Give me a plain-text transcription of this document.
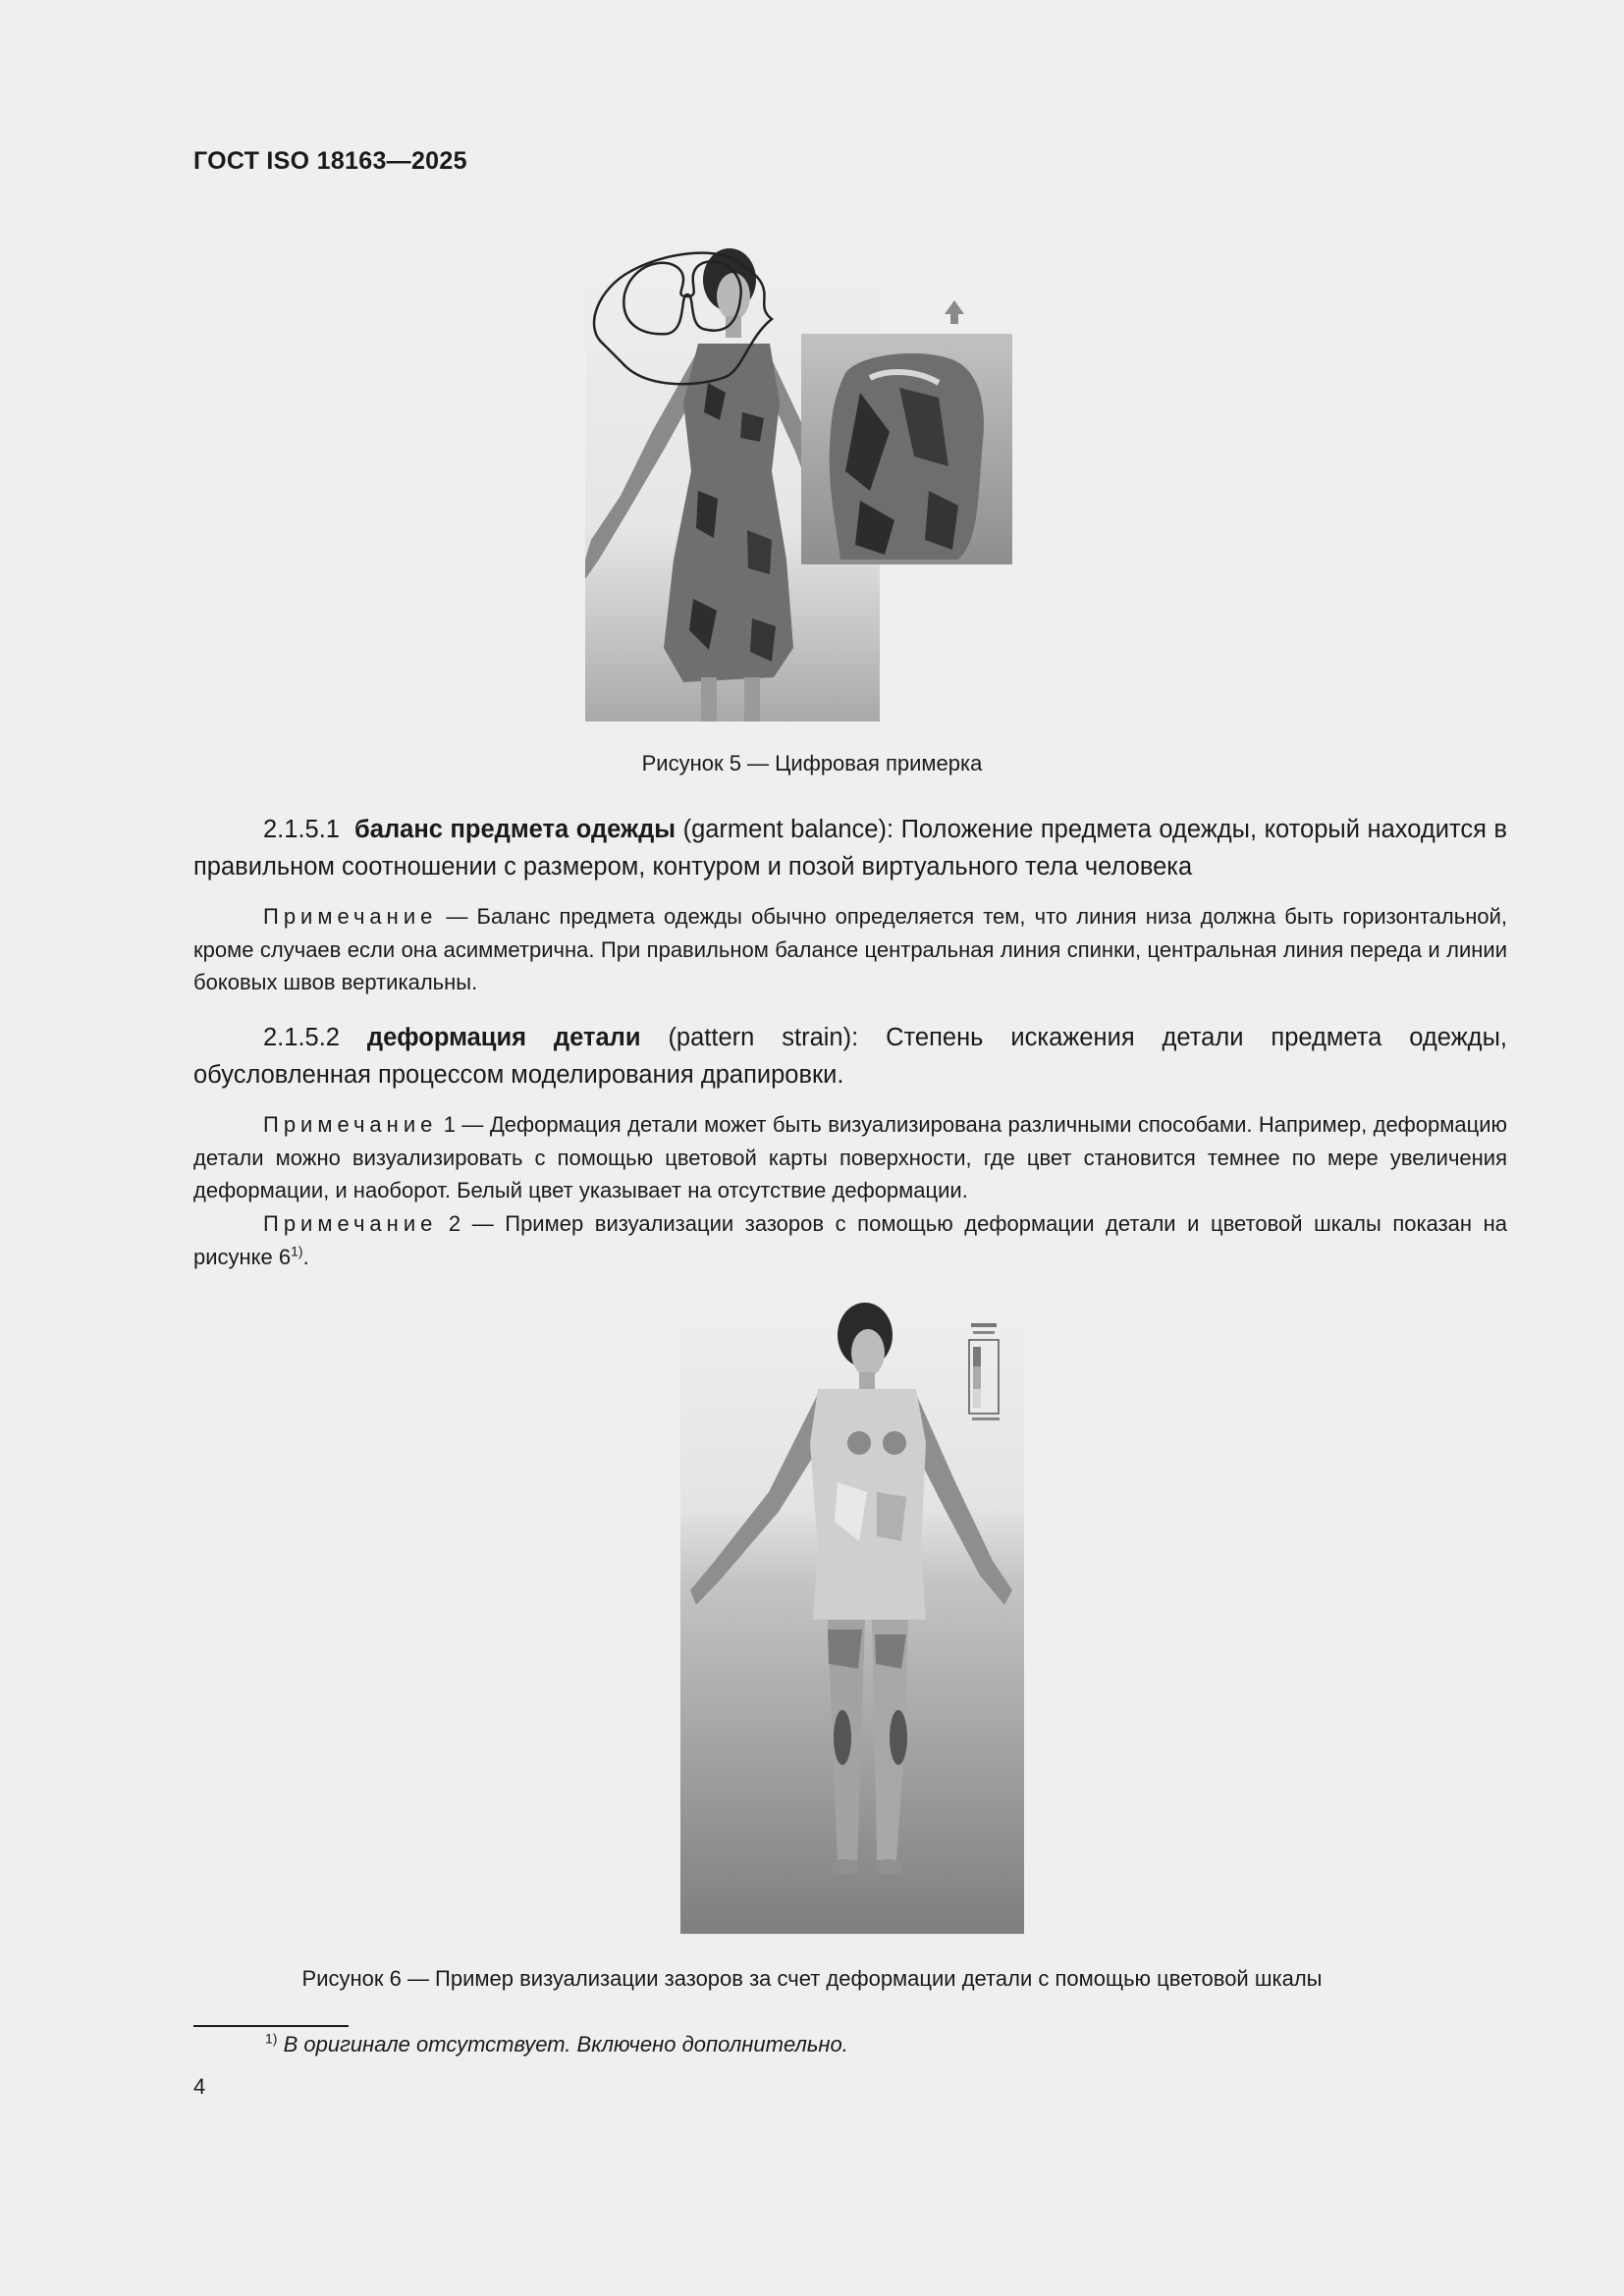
ГОСТ ISO 18163—2025
Рисунок 5 — Цифровая примерка

2.1.5.1 баланс предмета одежды (garment balance): Положение предмета одежды, который находится в правильном соотношении с размером, контуром и позой виртуального тела человека

Примечание — Баланс предмета одежды обычно определяется тем, что линия низа должна быть горизонтальной, кроме случаев если она асимметрична. При правильном балансе центральная линия спинки, центральная линия переда и линии боковых швов вертикальны.

2.1.5.2 деформация детали (pattern strain): Степень искажения детали предмета одежды, обусловленная процессом моделирования драпировки.

Примечание 1 — Деформация детали может быть визуализирована различными способами. Например, деформацию детали можно визуализировать с помощью цветовой карты поверхности, где цвет становится темнее по мере увеличения деформации, и наоборот. Белый цвет указывает на отсутствие деформации.

Примечание 2 — Пример визуализации зазоров с помощью деформации детали и цветовой шкалы показан на рисунке 6$^{1)}$.

Рисунок 6 — Пример визуализации зазоров за счет деформации детали с помощью цветовой шкалы
$^{1)}$ В оригинале отсутствует. Включено дополнительно.
4
